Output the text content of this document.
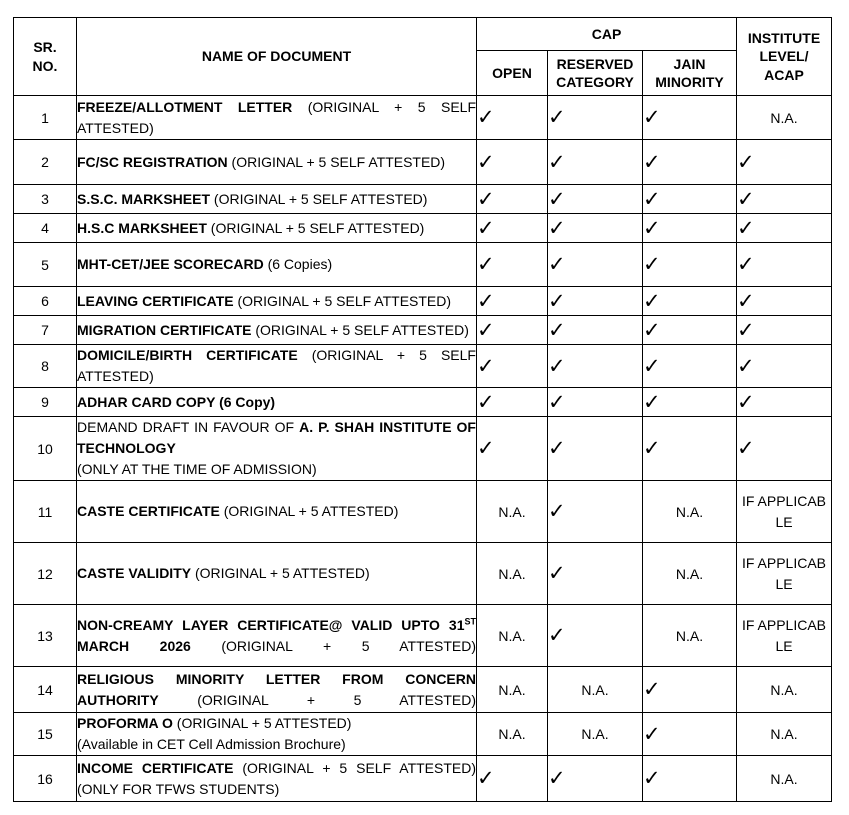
SR. NO.	NAME OF DOCUMENT	CAP			INSTITUTE LEVEL/ ACAP
		OPEN	RESERVED CATEGORY	JAIN MINORITY	
1	FREEZE/ALLOTMENT LETTER (ORIGINAL + 5 SELF ATTESTED)	✓	✓	✓	N.A.
2	FC/SC REGISTRATION (ORIGINAL + 5 SELF ATTESTED)	✓	✓	✓	✓
3	S.S.C. MARKSHEET (ORIGINAL + 5 SELF ATTESTED)	✓	✓	✓	✓
4	H.S.C MARKSHEET (ORIGINAL + 5 SELF ATTESTED)	✓	✓	✓	✓
5	MHT-CET/JEE SCORECARD (6 Copies)	✓	✓	✓	✓
6	LEAVING CERTIFICATE (ORIGINAL + 5 SELF ATTESTED)	✓	✓	✓	✓
7	MIGRATION CERTIFICATE (ORIGINAL + 5 SELF ATTESTED)	✓	✓	✓	✓
8	DOMICILE/BIRTH CERTIFICATE (ORIGINAL + 5 SELF ATTESTED)	✓	✓	✓	✓
9	ADHAR CARD COPY (6 Copy)	✓	✓	✓	✓
10	DEMAND DRAFT IN FAVOUR OF A. P. SHAH INSTITUTE OF TECHNOLOGY
(ONLY AT THE TIME OF ADMISSION)	✓	✓	✓	✓
11	CASTE CERTIFICATE (ORIGINAL + 5 ATTESTED)	N.A.	✓	N.A.	IF APPLICABLE
12	CASTE VALIDITY (ORIGINAL + 5 ATTESTED)	N.A.	✓	N.A.	IF APPLICABLE
13	NON-CREAMY LAYER CERTIFICATE@ VALID UPTO 31ST MARCH 2026 (ORIGINAL + 5 ATTESTED)	N.A.	✓	N.A.	IF APPLICABLE
14	RELIGIOUS MINORITY LETTER FROM CONCERN AUTHORITY (ORIGINAL + 5 ATTESTED)	N.A.	N.A.	✓	N.A.
15	PROFORMA O (ORIGINAL + 5 ATTESTED)
(Available in CET Cell Admission Brochure)	N.A.	N.A.	✓	N.A.
16	INCOME CERTIFICATE (ORIGINAL + 5 SELF ATTESTED)
(ONLY FOR TFWS STUDENTS)	✓	✓	✓	N.A.
